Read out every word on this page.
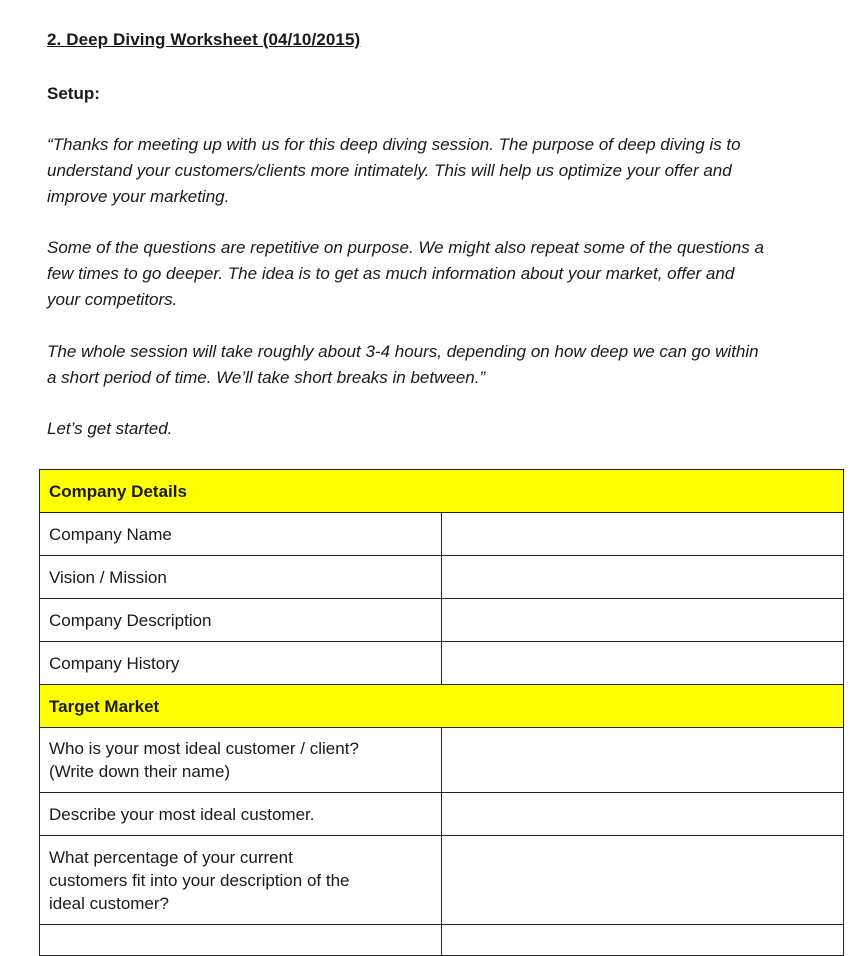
2. Deep Diving Worksheet (04/10/2015)
Setup:

“Thanks for meeting up with us for this deep diving session. The purpose of deep diving is to
understand your customers/clients more intimately. This will help us optimize your offer and
improve your marketing.

Some of the questions are repetitive on purpose. We might also repeat some of the questions a
few times to go deeper. The idea is to get as much information about your market, offer and
your competitors.

The whole session will take roughly about 3-4 hours, depending on how deep we can go within
a short period of time. We’ll take short breaks in between.”

Let’s get started.

Company Details	
Company Name	
Vision / Mission	
Company Description	
Company History	
Target Market	

Who is your most ideal customer / client?
(Write down their name)	

Describe your most ideal customer.	

What percentage of your current
customers fit into your description of the
ideal customer?	
